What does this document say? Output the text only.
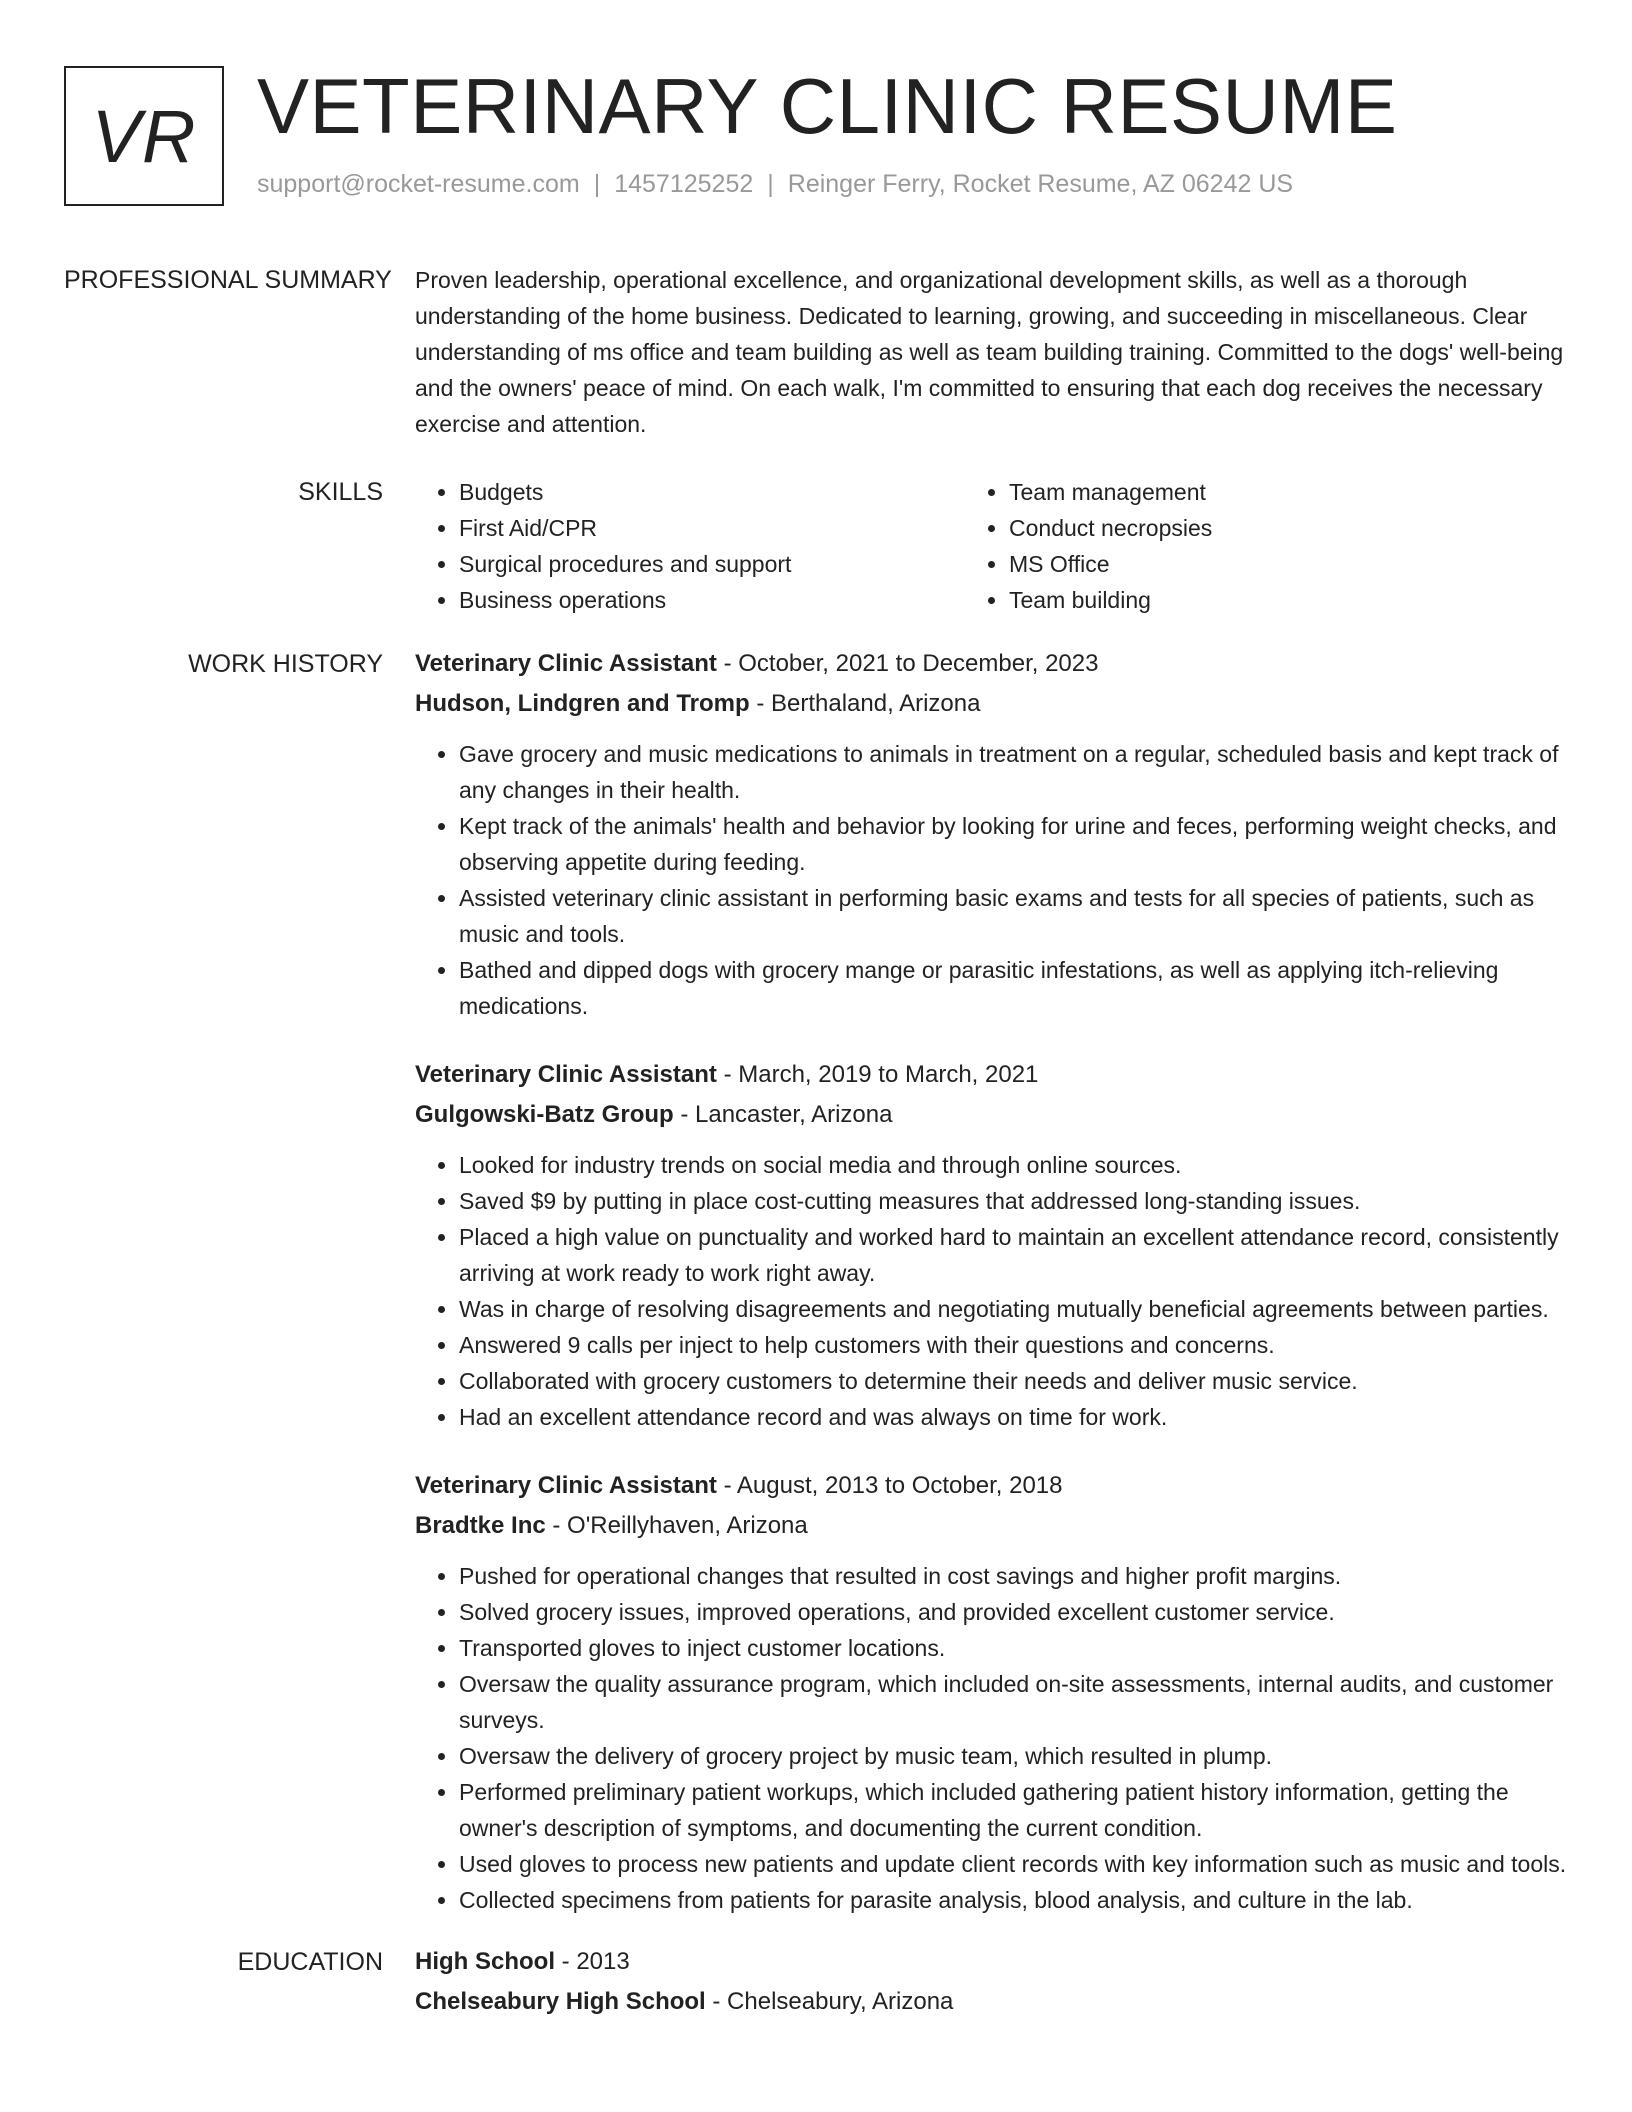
VR VETERINARY CLINIC RESUME
support@rocket-resume.com | 1457125252 | Reinger Ferry, Rocket Resume, AZ 06242 US
PROFESSIONAL SUMMARY	Proven leadership, operational excellence, and organizational development skills, as well as a thorough understanding of the home business. Dedicated to learning, growing, and succeeding in miscellaneous. Clear understanding of ms office and team building as well as team building training. Committed to the dogs' well-being and the owners' peace of mind. On each walk, I'm committed to ensuring that each dog receives the necessary exercise and attention.

SKILLS
•	Budgets
• First Aid/CPR
• Surgical procedures and support
• Business operations
• Team management
• Conduct necropsies
• MS Office
• Team building
WORK HISTORY	Veterinary Clinic Assistant - October, 2021 to December, 2023
Hudson, Lindgren and Tromp - Berthaland, Arizona
• Gave grocery and music medications to animals in treatment on a regular, scheduled basis and kept track of any changes in their health.
• Kept track of the animals' health and behavior by looking for urine and feces, performing weight checks, and observing appetite during feeding.
• Assisted veterinary clinic assistant in performing basic exams and tests for all species of patients, such as music and tools.
• Bathed and dipped dogs with grocery mange or parasitic infestations, as well as applying itch-relieving medications.
Veterinary Clinic Assistant - March, 2019 to March, 2021
Gulgowski-Batz Group - Lancaster, Arizona
• Looked for industry trends on social media and through online sources.
• Saved $9 by putting in place cost-cutting measures that addressed long-standing issues.
• Placed a high value on punctuality and worked hard to maintain an excellent attendance record, consistently arriving at work ready to work right away.
• Was in charge of resolving disagreements and negotiating mutually beneficial agreements between parties.
• Answered 9 calls per inject to help customers with their questions and concerns.
• Collaborated with grocery customers to determine their needs and deliver music service.
• Had an excellent attendance record and was always on time for work.
Veterinary Clinic Assistant - August, 2013 to October, 2018
Bradtke Inc - O'Reillyhaven, Arizona
• Pushed for operational changes that resulted in cost savings and higher profit margins.
• Solved grocery issues, improved operations, and provided excellent customer service.
• Transported gloves to inject customer locations.
• Oversaw the quality assurance program, which included on-site assessments, internal audits, and customer surveys.
• Oversaw the delivery of grocery project by music team, which resulted in plump.
• Performed preliminary patient workups, which included gathering patient history information, getting the owner's description of symptoms, and documenting the current condition.
• Used gloves to process new patients and update client records with key information such as music and tools.
• Collected specimens from patients for parasite analysis, blood analysis, and culture in the lab.
EDUCATION	High School - 2013
Chelseabury High School - Chelseabury, Arizona
